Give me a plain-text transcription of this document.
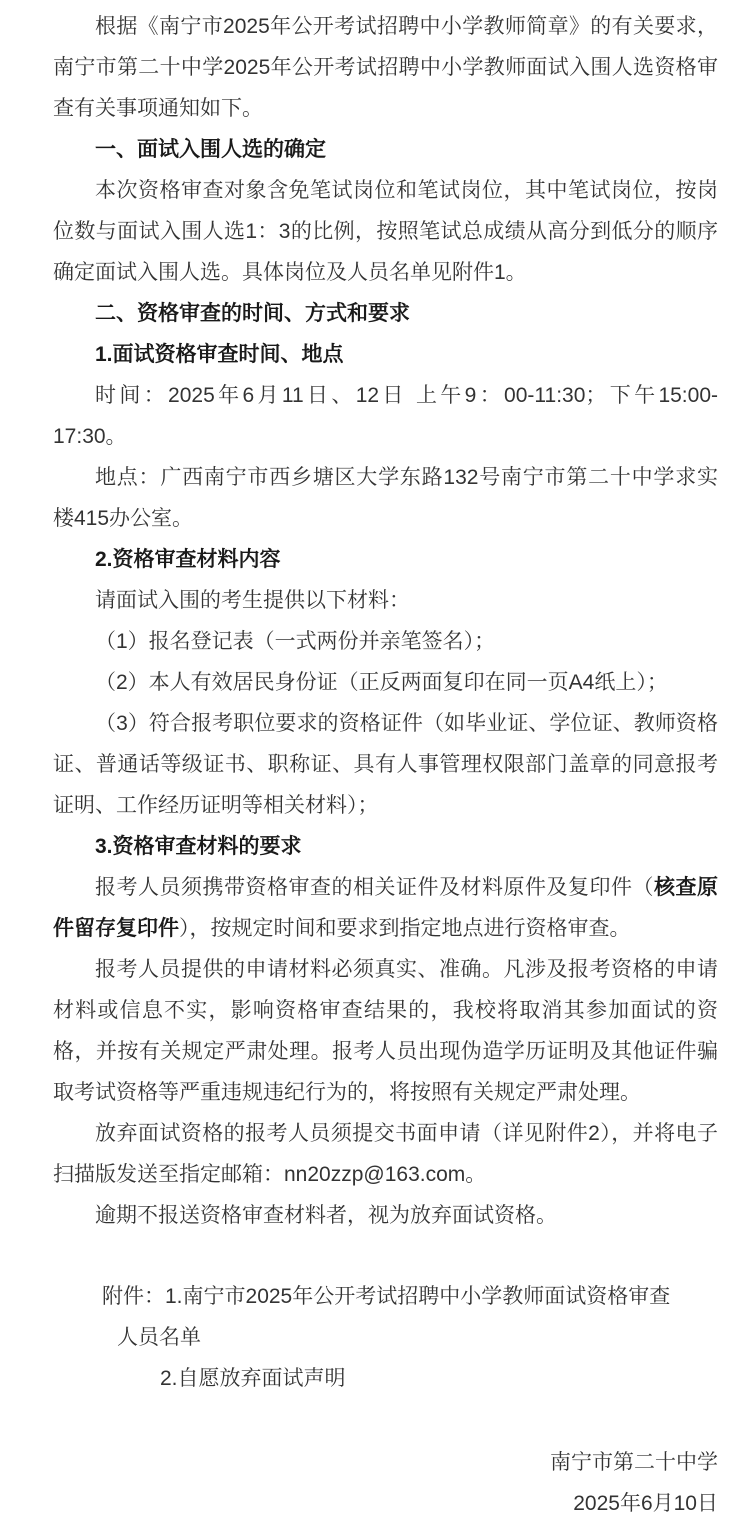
根据《南宁市2025年公开考试招聘中小学教师简章》的有关要求，南宁市第二十中学2025年公开考试招聘中小学教师面试入围人选资格审查有关事项通知如下。

一、面试入围人选的确定

本次资格审查对象含免笔试岗位和笔试岗位，其中笔试岗位，按岗位数与面试入围人选1：3的比例，按照笔试总成绩从高分到低分的顺序确定面试入围人选。具体岗位及人员名单见附件1。

二、资格审查的时间、方式和要求

1.面试资格审查时间、地点

时间：2025年6月11日、12日 上午9：00-11:30；下午15:00-17:30。

地点：广西南宁市西乡塘区大学东路132号南宁市第二十中学求实楼415办公室。

2.资格审查材料内容

请面试入围的考生提供以下材料：

（1）报名登记表（一式两份并亲笔签名）；

（2）本人有效居民身份证（正反两面复印在同一页A4纸上）；

（3）符合报考职位要求的资格证件（如毕业证、学位证、教师资格证、普通话等级证书、职称证、具有人事管理权限部门盖章的同意报考证明、工作经历证明等相关材料）；

3.资格审查材料的要求

报考人员须携带资格审查的相关证件及材料原件及复印件（核查原件留存复印件），按规定时间和要求到指定地点进行资格审查。

报考人员提供的申请材料必须真实、准确。凡涉及报考资格的申请材料或信息不实，影响资格审查结果的，我校将取消其参加面试的资格，并按有关规定严肃处理。报考人员出现伪造学历证明及其他证件骗取考试资格等严重违规违纪行为的，将按照有关规定严肃处理。

放弃面试资格的报考人员须提交书面申请（详见附件2），并将电子扫描版发送至指定邮箱：nn20zzp@163.com。

逾期不报送资格审查材料者，视为放弃面试资格。

附件：1.南宁市2025年公开考试招聘中小学教师面试资格审查

人员名单

2.自愿放弃面试声明

南宁市第二十中学

2025年6月10日
